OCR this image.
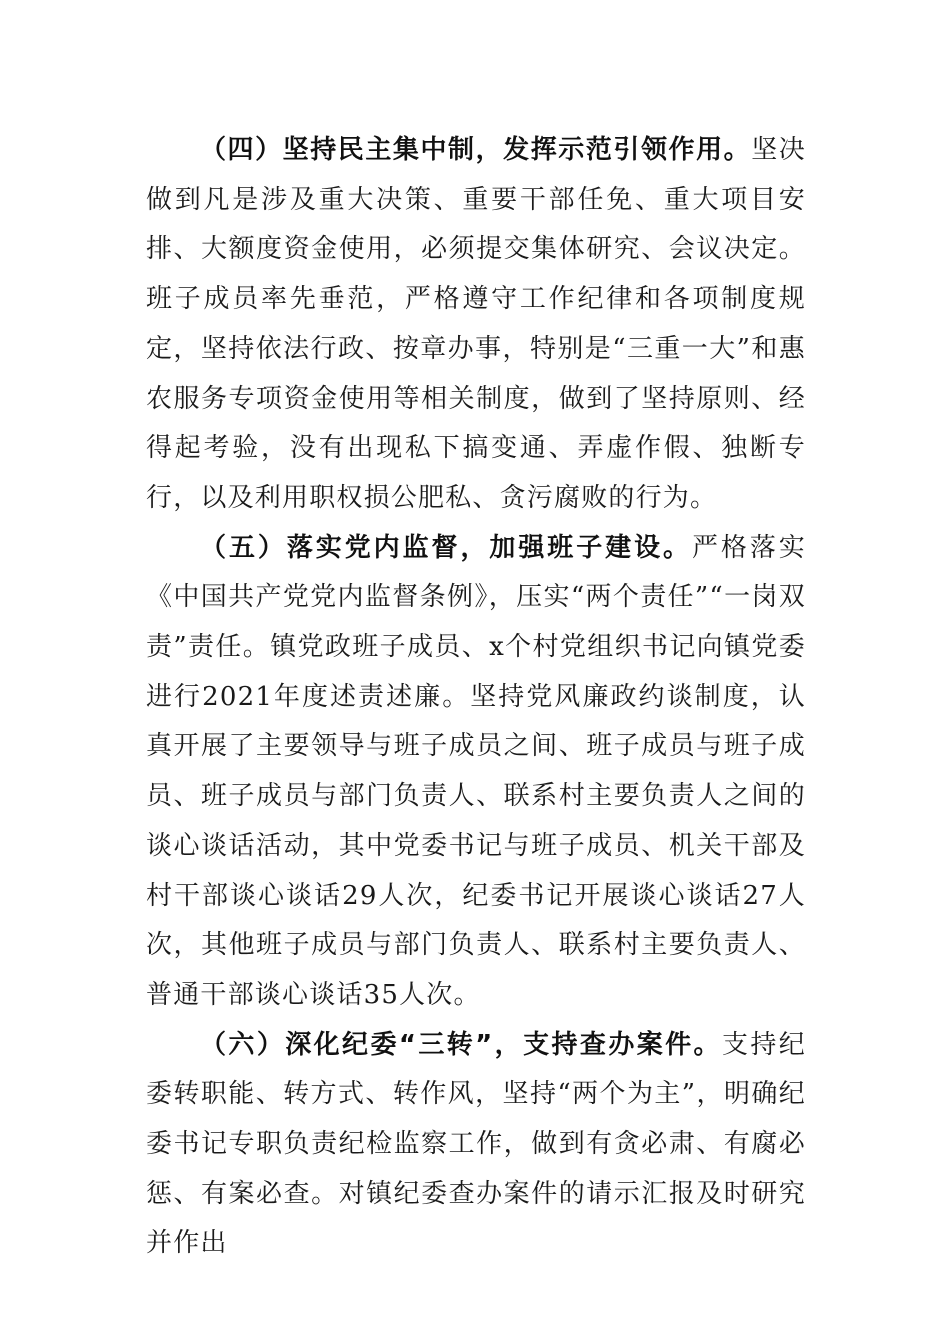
（四）坚持民主集中制，发挥示范引领作用。坚决做到凡是涉及重大决策、重要干部任免、重大项目安排、大额度资金使用，必须提交集体研究、会议决定。班子成员率先垂范，严格遵守工作纪律和各项制度规定，坚持依法行政、按章办事，特别是“三重一大”和惠农服务专项资金使用等相关制度，做到了坚持原则、经得起考验，没有出现私下搞变通、弄虚作假、独断专行，以及利用职权损公肥私、贪污腐败的行为。

（五）落实党内监督，加强班子建设。严格落实《中国共产党党内监督条例》，压实“两个责任”“一岗双责”责任。镇党政班子成员、x个村党组织书记向镇党委进行2021年度述责述廉。坚持党风廉政约谈制度，认真开展了主要领导与班子成员之间、班子成员与班子成员、班子成员与部门负责人、联系村主要负责人之间的谈心谈话活动，其中党委书记与班子成员、机关干部及村干部谈心谈话29人次，纪委书记开展谈心谈话27人次，其他班子成员与部门负责人、联系村主要负责人、普通干部谈心谈话35人次。

（六）深化纪委“三转”，支持查办案件。支持纪委转职能、转方式、转作风，坚持“两个为主”，明确纪委书记专职负责纪检监察工作，做到有贪必肃、有腐必惩、有案必查。对镇纪委查办案件的请示汇报及时研究并作出
